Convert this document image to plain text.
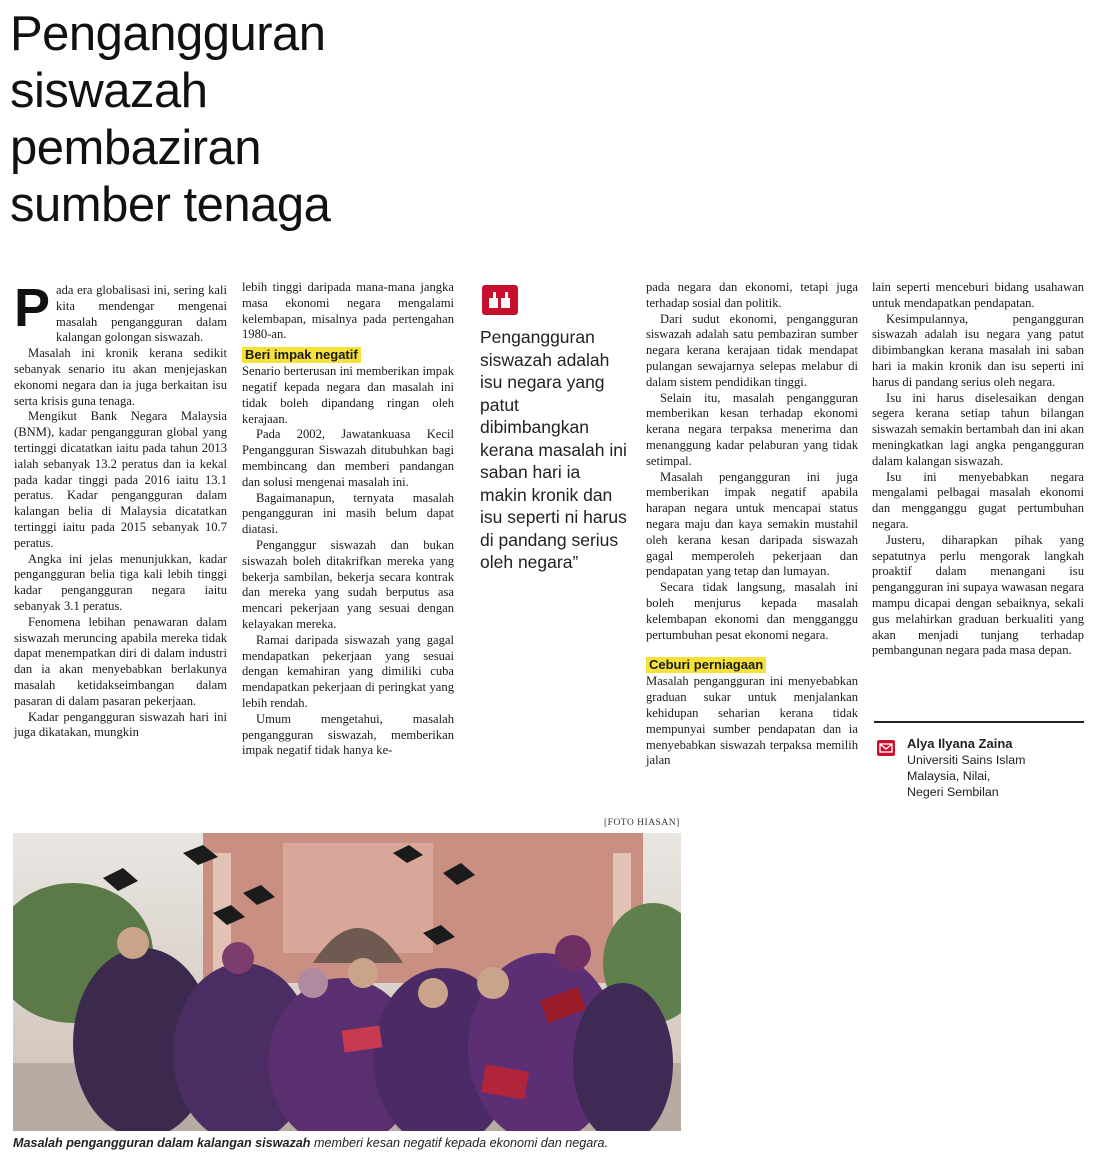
Pengangguran
siswazah
pembaziran
sumber tenaga

Pada era globalisasi ini, sering kali kita mendengar mengenai masalah pengangguran dalam kalangan golongan siswazah.

Masalah ini kronik kerana sedikit sebanyak senario itu akan menjejaskan ekonomi negara dan ia juga berkaitan isu serta krisis guna tenaga.

Mengikut Bank Negara Malaysia (BNM), kadar pengangguran global yang tertinggi dicatatkan iaitu pada tahun 2013 ialah sebanyak 13.2 peratus dan ia kekal pada kadar tinggi pada 2016 iaitu 13.1 peratus. Kadar pengangguran dalam kalangan belia di Malaysia dicatatkan tertinggi iaitu pada 2015 sebanyak 10.7 peratus.

Angka ini jelas menunjukkan, kadar pengangguran belia tiga kali lebih tinggi kadar pengangguran negara iaitu sebanyak 3.1 peratus.

Fenomena lebihan penawaran dalam siswazah meruncing apabila mereka tidak dapat menempatkan diri di dalam industri dan ia akan menyebabkan berlakunya masalah ketidakseimbangan dalam pasaran di dalam pasaran pekerjaan.

Kadar pengangguran siswazah hari ini juga dikatakan, mungkin

lebih tinggi daripada mana-mana jangka masa ekonomi negara mengalami kelembapan, misalnya pada pertengahan 1980-an.

Beri impak negatif

Senario berterusan ini memberikan impak negatif kepada negara dan masalah ini tidak boleh dipandang ringan oleh kerajaan.

Pada 2002, Jawatankuasa Kecil Pengangguran Siswazah ditubuhkan bagi membincang dan memberi pandangan dan solusi mengenai masalah ini.

Bagaimanapun, ternyata masalah pengangguran ini masih belum dapat diatasi.

Penganggur siswazah dan bukan siswazah boleh ditakrifkan mereka yang bekerja sambilan, bekerja secara kontrak dan mereka yang sudah berputus asa mencari pekerjaan yang sesuai dengan kelayakan mereka.

Ramai daripada siswazah yang gagal mendapatkan pekerjaan yang sesuai dengan kemahiran yang dimiliki cuba mendapatkan pekerjaan di peringkat yang lebih rendah.

Umum mengetahui, masalah pengangguran siswazah, memberikan impak negatif tidak hanya ke-

Pengangguran siswazah adalah isu negara yang patut dibimbangkan kerana masalah ini saban hari ia makin kronik dan isu seperti ni harus di pandang serius oleh negara”

pada negara dan ekonomi, tetapi juga terhadap sosial dan politik.

Dari sudut ekonomi, pengangguran siswazah adalah satu pembaziran sumber negara kerana kerajaan tidak mendapat pulangan sewajarnya selepas melabur di dalam sistem pendidikan tinggi.

Selain itu, masalah pengangguran memberikan kesan terhadap ekonomi kerana negara terpaksa menerima dan menanggung kadar pelaburan yang tidak setimpal.

Masalah pengangguran ini juga memberikan impak negatif apabila harapan negara untuk mencapai status negara maju dan kaya semakin mustahil oleh kerana kesan daripada siswazah gagal memperoleh pekerjaan dan pendapatan yang tetap dan lumayan.

Secara tidak langsung, masalah ini boleh menjurus kepada masalah kelembapan ekonomi dan mengganggu pertumbuhan pesat ekonomi negara.

Ceburi perniagaan

Masalah pengangguran ini menyebabkan graduan sukar untuk menjalankan kehidupan seharian kerana tidak mempunyai sumber pendapatan dan ia menyebabkan siswazah terpaksa memilih jalan

lain seperti menceburi bidang usahawan untuk mendapatkan pendapatan.

Kesimpulannya, pengangguran siswazah adalah isu negara yang patut dibimbangkan kerana masalah ini saban hari ia makin kronik dan isu seperti ini harus di pandang serius oleh negara.

Isu ini harus diselesaikan dengan segera kerana setiap tahun bilangan siswazah semakin bertambah dan ini akan meningkatkan lagi angka pengangguran dalam kalangan siswazah.

Isu ini menyebabkan negara mengalami pelbagai masalah ekonomi dan mengganggu gugat pertumbuhan negara.

Justeru, diharapkan pihak yang sepatutnya perlu mengorak langkah proaktif dalam menangani isu pengangguran ini supaya wawasan negara mampu dicapai dengan sebaiknya, sekali gus melahirkan graduan berkualiti yang akan menjadi tunjang terhadap pembangunan negara pada masa depan.

Alya Ilyana Zaina
Universiti Sains Islam
Malaysia, Nilai,
Negeri Sembilan
[FOTO HIASAN]
Masalah pengangguran dalam kalangan siswazah memberi kesan negatif kepada ekonomi dan negara.
